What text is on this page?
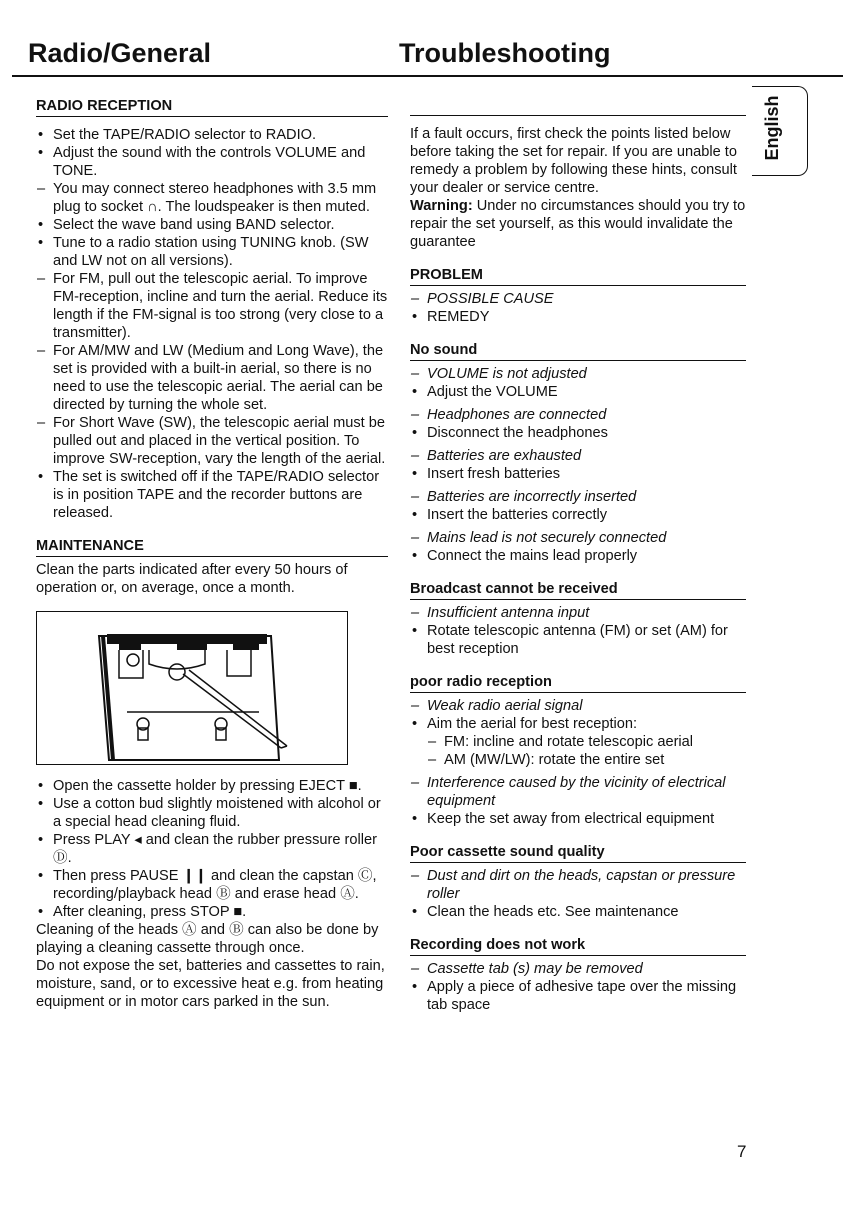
Radio/General	Troubleshooting
English
RADIO RECEPTION

• Set the TAPE/RADIO selector to RADIO.

• Adjust the sound with the controls VOLUME and TONE.

– You may connect stereo headphones with 3.5 mm plug to socket ∩. The loudspeaker is then muted.

• Select the wave band using BAND selector.

• Tune to a radio station using TUNING knob. (SW and LW not on all versions).

– For FM, pull out the telescopic aerial. To improve FM-reception, incline and turn the aerial. Reduce its length if the FM-signal is too strong (very close to a transmitter).

– For AM/MW and LW (Medium and Long Wave), the set is provided with a built-in aerial, so there is no need to use the telescopic aerial. The aerial can be directed by turning the whole set.

– For Short Wave (SW), the telescopic aerial must be pulled out and placed in the vertical position. To improve SW-reception, vary the length of the aerial.

• The set is switched off if the TAPE/RADIO selector is in position TAPE and the recorder buttons are released.

MAINTENANCE

Clean the parts indicated after every 50 hours of operation or, on average, once a month.

• Open the cassette holder by pressing EJECT ■.

• Use a cotton bud slightly moistened with alcohol or a special head cleaning fluid.

• Press PLAY ◂ and clean the rubber pressure roller Ⓓ.

• Then press PAUSE ❙❙ and clean the capstan Ⓒ, recording/playback head Ⓑ and erase head Ⓐ.

• After cleaning, press STOP ■.

Cleaning of the heads Ⓐ and Ⓑ can also be done by playing a cleaning cassette through once.

Do not expose the set, batteries and cassettes to rain, moisture, sand, or to excessive heat e.g. from heating equipment or in motor cars parked in the sun.

If a fault occurs, first check the points listed below before taking the set for repair. If you are unable to remedy a problem by following these hints, consult your dealer or service centre.

Warning: Under no circumstances should you try to repair the set yourself, as this would invalidate the guarantee

PROBLEM

– POSSIBLE CAUSE

• REMEDY

No sound

– VOLUME is not adjusted

• Adjust the VOLUME

– Headphones are connected

• Disconnect the headphones

– Batteries are exhausted

• Insert fresh batteries

– Batteries are incorrectly inserted

• Insert the batteries correctly

– Mains lead is not securely connected

• Connect the mains lead properly

Broadcast cannot be received

– Insufficient antenna input

• Rotate telescopic antenna (FM) or set (AM) for best reception

poor radio reception

– Weak radio aerial signal

• Aim the aerial for best reception:

– FM: incline and rotate telescopic aerial

– AM (MW/LW): rotate the entire set

– Interference caused by the vicinity of electrical equipment

• Keep the set away from electrical equipment

Poor cassette sound quality

– Dust and dirt on the heads, capstan or pressure roller

• Clean the heads etc. See maintenance

Recording does not work

– Cassette tab (s) may be removed

• Apply a piece of adhesive tape over the missing tab space

7
